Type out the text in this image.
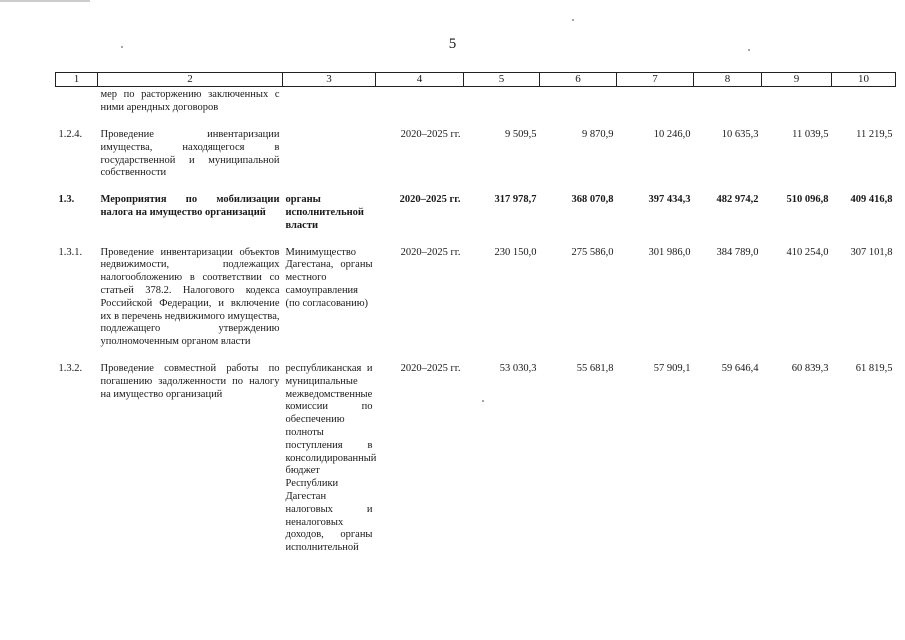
5
1	2	3	4	5	6	7	8	9	10
	мер по расторжению заключенных с ними арендных договоров								
1.2.4.	Проведение инвентаризации имущества, находящегося в государственной и муниципальной собственности		2020–2025 гг.	9 509,5	9 870,9	10 246,0	10 635,3	11 039,5	11 219,5
1.3.	Мероприятия по мобилизации налога на имущество организаций	органы исполнительной власти	2020–2025 гг.	317 978,7	368 070,8	397 434,3	482 974,2	510 096,8	409 416,8
1.3.1.	Проведение инвентаризации объектов недвижимости, подлежащих налогообложению в соответствии со статьей 378.2. Налогового кодекса Российской Федерации, и включение их в перечень недвижимого имущества, подлежащего утверждению уполномоченным органом власти	Минимущество Дагестана, органы местного самоуправления (по согласованию)	2020–2025 гг.	230 150,0	275 586,0	301 986,0	384 789,0	410 254,0	307 101,8
1.3.2.	Проведение совместной работы по погашению задолженности по налогу на имущество организаций	республиканская и муниципальные межведомственные комиссии по обеспечению полноты поступления в консолидированный бюджет Республики Дагестан налоговых и неналоговых доходов, органы исполнительной	2020–2025 гг.	53 030,3	55 681,8	57 909,1	59 646,4	60 839,3	61 819,5
